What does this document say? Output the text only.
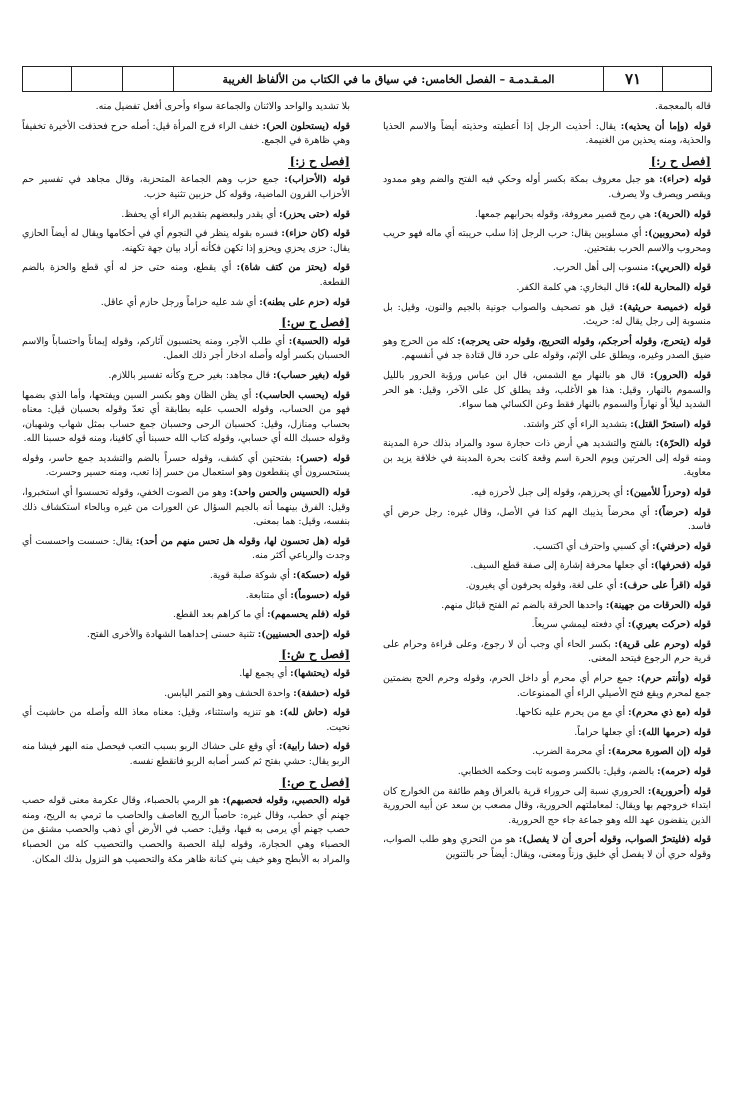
المـقـدمـة – الفصل الخامس: في سياق ما في الكتاب من الألفاظ الغريبة	٧١

قاله بالمعجمة.

قوله (وإما أن يحذيه): يقال: أحذيت الرجل إذا أعطيته وحذيته أيضاً والاسم الحذيا والحذية، ومنه يحذين من الغنيمة.

[فصل ح ر:]

قوله (حراء): هو جبل معروف بمكة بكسر أوله وحكي فيه الفتح والضم وهو ممدود ويقصر ويصرف ولا يصرف.

قوله (الحربة): هي رمح قصير معروفة، وقوله بحرابهم جمعها.

قوله (محروبين): أي مسلوبين يقال: حرب الرجل إذا سلب حريبته أي ماله فهو حريب ومحروب والاسم الحرب بفتحتين.

قوله (الحربي): منسوب إلى أهل الحرب.

قوله (المحاربة لله): قال البخاري: هي كلمة الكفر.

قوله (خميصة حريثية): قيل هو تصحيف والصواب جونية بالجيم والنون، وقيل: بل منسوبة إلى رجل يقال له: حريث.

قوله (يتحرج، وقوله أحرجكم، وقوله التحريج، وقوله حتى يحرجه): كله من الحرج وهو ضيق الصدر وغيره، ويطلق على الإثم، وقوله على حرد قال قتادة جد في أنفسهم.

قوله (الحرور): قال هو بالنهار مع الشمس، قال ابن عباس ورؤبة الحرور بالليل والسموم بالنهار، وقيل: هذا هو الأغلب، وقد يطلق كل على الآخر، وقيل: هو الحر الشديد ليلاً أو نهاراً والسموم بالنهار فقط وعن الكسائي هما سواء.

قوله (استحرّ القتل): بتشديد الراء أي كثر واشتد.

قوله (الحرّة): بالفتح والتشديد هي أرض ذات حجارة سود والمراد بذلك حرة المدينة ومنه قوله إلى الحرتين ويوم الحرة اسم وقعة كانت بحرة المدينة في خلافة يزيد بن معاوية.

قوله (وحرزاً للأميين): أي يحرزهم، وقوله إلى جبل لأحرزه فيه.

قوله (حرضاً): أي محرضاً يذيبك الهم كذا في الأصل، وقال غيره: رجل حرض أي فاسد.

قوله (حرفتي): أي كسبي واحترف أي اكتسب.

قوله (فحرفها): أي جعلها محرفة إشارة إلى صفة قطع السيف.

قوله (اقرأ على حرف): أي على لغة، وقوله يحرفون أي يغيرون.

قوله (الحرقات من جهينة): واحدها الحرقة بالضم ثم الفتح قبائل منهم.

قوله (حركت بعيري): أي دفعته ليمشي سريعاً.

قوله (وحرم على قرية): بكسر الحاء أي وجب أن لا رجوع، وعلى قراءة وحرام على قرية حرم الرجوع فيتحد المعنى.

قوله (وأنتم حرم): جمع حرام أي محرم أو داخل الحرم، وقوله وحرم الحج بضمتين جمع لمحرم ويقع فتح الأصيلي الراء أي الممنوعات.

قوله (مع ذي محرم): أي مع من يحرم عليه نكاحها.

قوله (حرمها الله): أي جعلها حراماً.

قوله (إن الصورة محرمة): أي محرمة الضرب.

قوله (حرمه): بالضم، وقيل: بالكسر وصوبه ثابت وحكمه الخطابي.

قوله (أحرورية): الحروري نسبة إلى حروراء قرية بالعراق وهم طائفة من الخوارج كان ابتداء خروجهم بها ويقال: لمعاملتهم الحرورية، وقال مصعب بن سعد عن أبيه الحرورية الذين ينقضون عهد الله وهو جماعة جاء حج الحرورية.

قوله (فليتحرّ الصواب، وقوله أحرى أن لا يفصل): هو من التحري وهو طلب الصواب، وقوله حري أن لا يفصل أي خليق وزناً ومعنى، ويقال: أيضاً حر بالتنوين

بلا تشديد والواحد والاثنان والجماعة سواء وأحرى أفعل تفضيل منه.

قوله (يستحلون الحر): خفف الراء فرج المرأة قيل: أصله حرح فحذفت الأخيرة تخفيفاً وهي ظاهرة في الجمع.

[فصل ح ز:]

قوله (الأحزاب): جمع حزب وهم الجماعة المتحزبة، وقال مجاهد في تفسير حم الأحزاب القرون الماضية، وقوله كل حزبين تثنية حزب.

قوله (حتى يحزر): أي يقدر ولبعضهم بتقديم الراء أي يحفظ.

قوله (كان حزاء): فسره بقوله ينظر في النجوم أي في أحكامها ويقال له أيضاً الحازي يقال: حزى يحزي ويحزو إذا تكهن فكأنه أراد بيان جهة تكهنه.

قوله (يحتز من كتف شاة): أي يقطع، ومنه حتى حز له أي قطع والحزة بالضم القطعة.

قوله (حزم على بطنه): أي شد عليه حزاماً ورجل حازم أي عاقل.

[فصل ح س:]

قوله (الحسبة): أي طلب الأجر، ومنه يحتسبون آثاركم، وقوله إيماناً واحتساباً والاسم الحسبان بكسر أوله وأصله ادخار أجر ذلك العمل.

قوله (بغير حساب): قال مجاهد: بغير حرج وكأنه تفسير باللازم.

قوله (يحسب الحاسب): أي يظن الظان وهو بكسر السين ويفتحها، وأما الذي بضمها فهو من الحساب، وقوله الحسب عليه بطابقة أي تعدّ وقوله بحسبان قيل: معناه بحساب ومنازل، وقيل: كحسبان الرحى وحسبان جمع حساب بمثل شهاب وشهبان، وقوله حسبك الله أي حسابي، وقوله كتاب الله حسبنا أي كافينا، ومنه قوله حسبنا الله.

قوله (حسر): بفتحتين أي كشف، وقوله حسراً بالضم والتشديد جمع حاسر، وقوله يستحسرون أي ينقطعون وهو استعمال من حسر إذا تعب، ومنه حسير وحسرت.

قوله (الحسيس والحس واحد): وهو من الصوت الخفي، وقوله تحسسوا أي استخبروا، وقيل: الفرق بينهما أنه بالجيم السؤال عن العورات من غيره وبالحاء استكشاف ذلك بنفسه، وقيل: هما بمعنى.

قوله (هل تحسون لها، وقوله هل تحس منهم من أحد): يقال: حسست واحسست أي وجدت والرباعي أكثر منه.

قوله (حسكة): أي شوكة صلبة قوية.

قوله (حسوماً): أي متتابعة.

قوله (فلم يحسمهم): أي ما كراهم بعد القطع.

قوله (إحدى الحسنيين): تثنية حسنى إحداهما الشهادة والأخرى الفتح.

[فصل ح ش:]

قوله (يحتشها): أي يجمع لها.

قوله (حشفة): واحدة الحشف وهو التمر اليابس.

قوله (حاش لله): هو تنزيه واستثناء، وقيل: معناه معاذ الله وأصله من حاشيت أي نحيت.

قوله (حشا رابية): أي وقع على حشاك الربو بسبب التعب فيحصل منه البهر فيشا منه الربو يقال: حشي بفتح ثم كسر أصابه الربو فانقطع نفسه.

[فصل ح ص:]

قوله (الحصبي، وقوله فحصبهم): هو الرمي بالحصباء، وقال عكرمة معنى قوله حصب جهنم أي حطب، وقال غيره: حاصباً الريح العاصف والحاصب ما ترمي به الريح، ومنه حصب جهنم أي يرمى به فيها، وقيل: حصب في الأرض أي ذهب والحصب مشتق من الحصباء وهي الحجارة، وقوله ليلة الحصبة والحصب والتحصيب كله من الحصباء والمراد به الأبطح وهو خيف بني كنانة ظاهر مكة والتحصيب هو النزول بذلك المكان.
